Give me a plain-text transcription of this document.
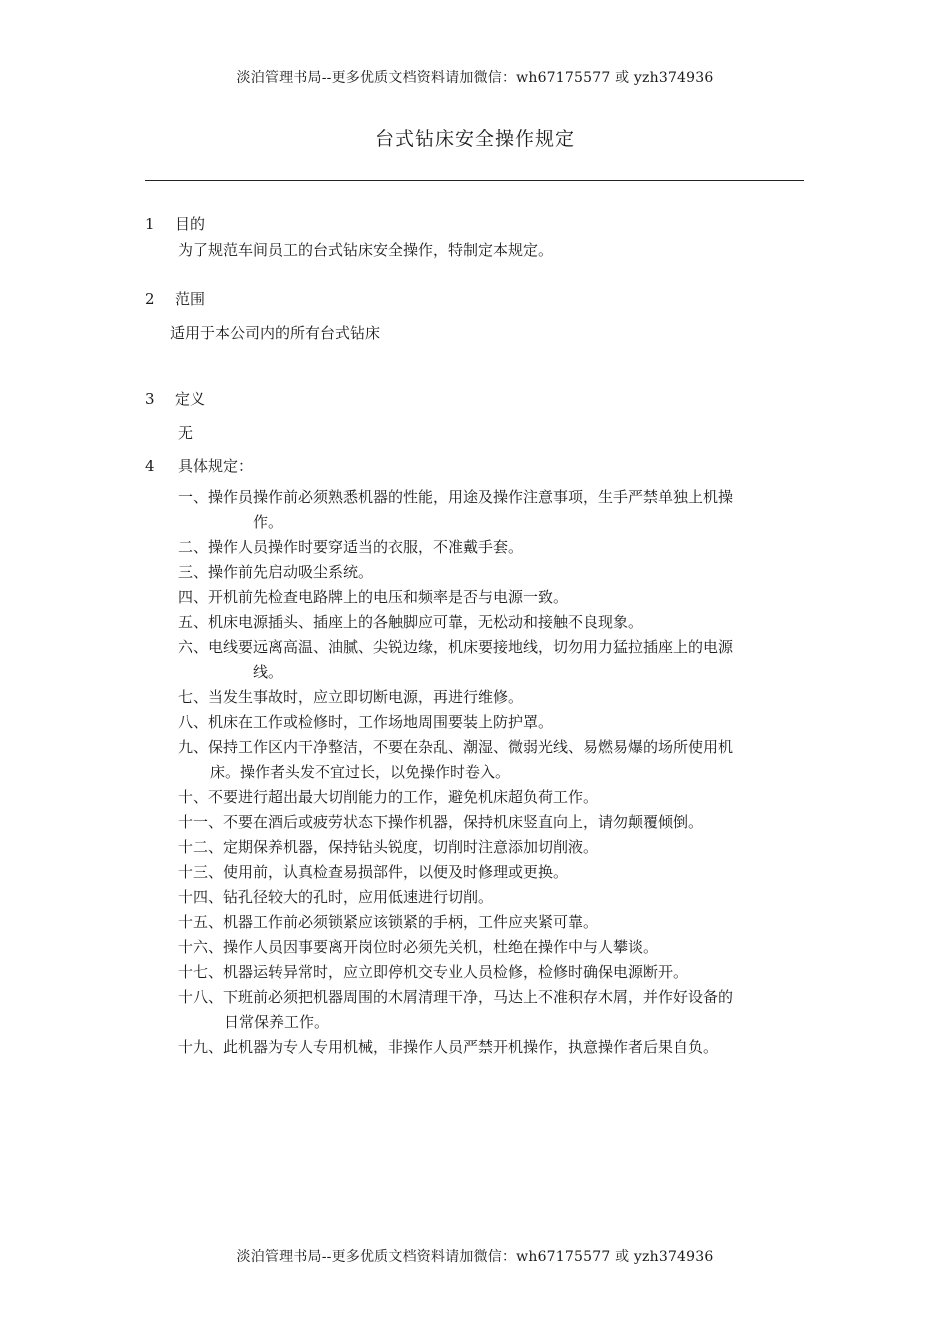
淡泊管理书局--更多优质文档资料请加微信：wh67175577 或 yzh374936
台式钻床安全操作规定
1 目的
为了规范车间员工的台式钻床安全操作，特制定本规定。
2 范围
适用于本公司内的所有台式钻床
3 定义
无
4 具体规定：
一、操作员操作前必须熟悉机器的性能，用途及操作注意事项，生手严禁单独上机操
作。
二、操作人员操作时要穿适当的衣服，不准戴手套。
三、操作前先启动吸尘系统。
四、开机前先检查电路牌上的电压和频率是否与电源一致。
五、机床电源插头、插座上的各触脚应可靠，无松动和接触不良现象。
六、电线要远离高温、油腻、尖锐边缘，机床要接地线，切勿用力猛拉插座上的电源
线。
七、当发生事故时，应立即切断电源，再进行维修。
八、机床在工作或检修时，工作场地周围要装上防护罩。
九、保持工作区内干净整洁，不要在杂乱、潮湿、微弱光线、易燃易爆的场所使用机
床。操作者头发不宜过长，以免操作时卷入。
十、不要进行超出最大切削能力的工作，避免机床超负荷工作。
十一、不要在酒后或疲劳状态下操作机器，保持机床竖直向上，请勿颠覆倾倒。
十二、定期保养机器，保持钻头锐度，切削时注意添加切削液。
十三、使用前，认真检查易损部件，以便及时修理或更换。
十四、钻孔径较大的孔时，应用低速进行切削。
十五、机器工作前必须锁紧应该锁紧的手柄，工件应夹紧可靠。
十六、操作人员因事要离开岗位时必须先关机，杜绝在操作中与人攀谈。
十七、机器运转异常时，应立即停机交专业人员检修，检修时确保电源断开。
十八、下班前必须把机器周围的木屑清理干净，马达上不准积存木屑，并作好设备的
日常保养工作。
十九、此机器为专人专用机械，非操作人员严禁开机操作，执意操作者后果自负。
淡泊管理书局--更多优质文档资料请加微信：wh67175577 或 yzh374936
